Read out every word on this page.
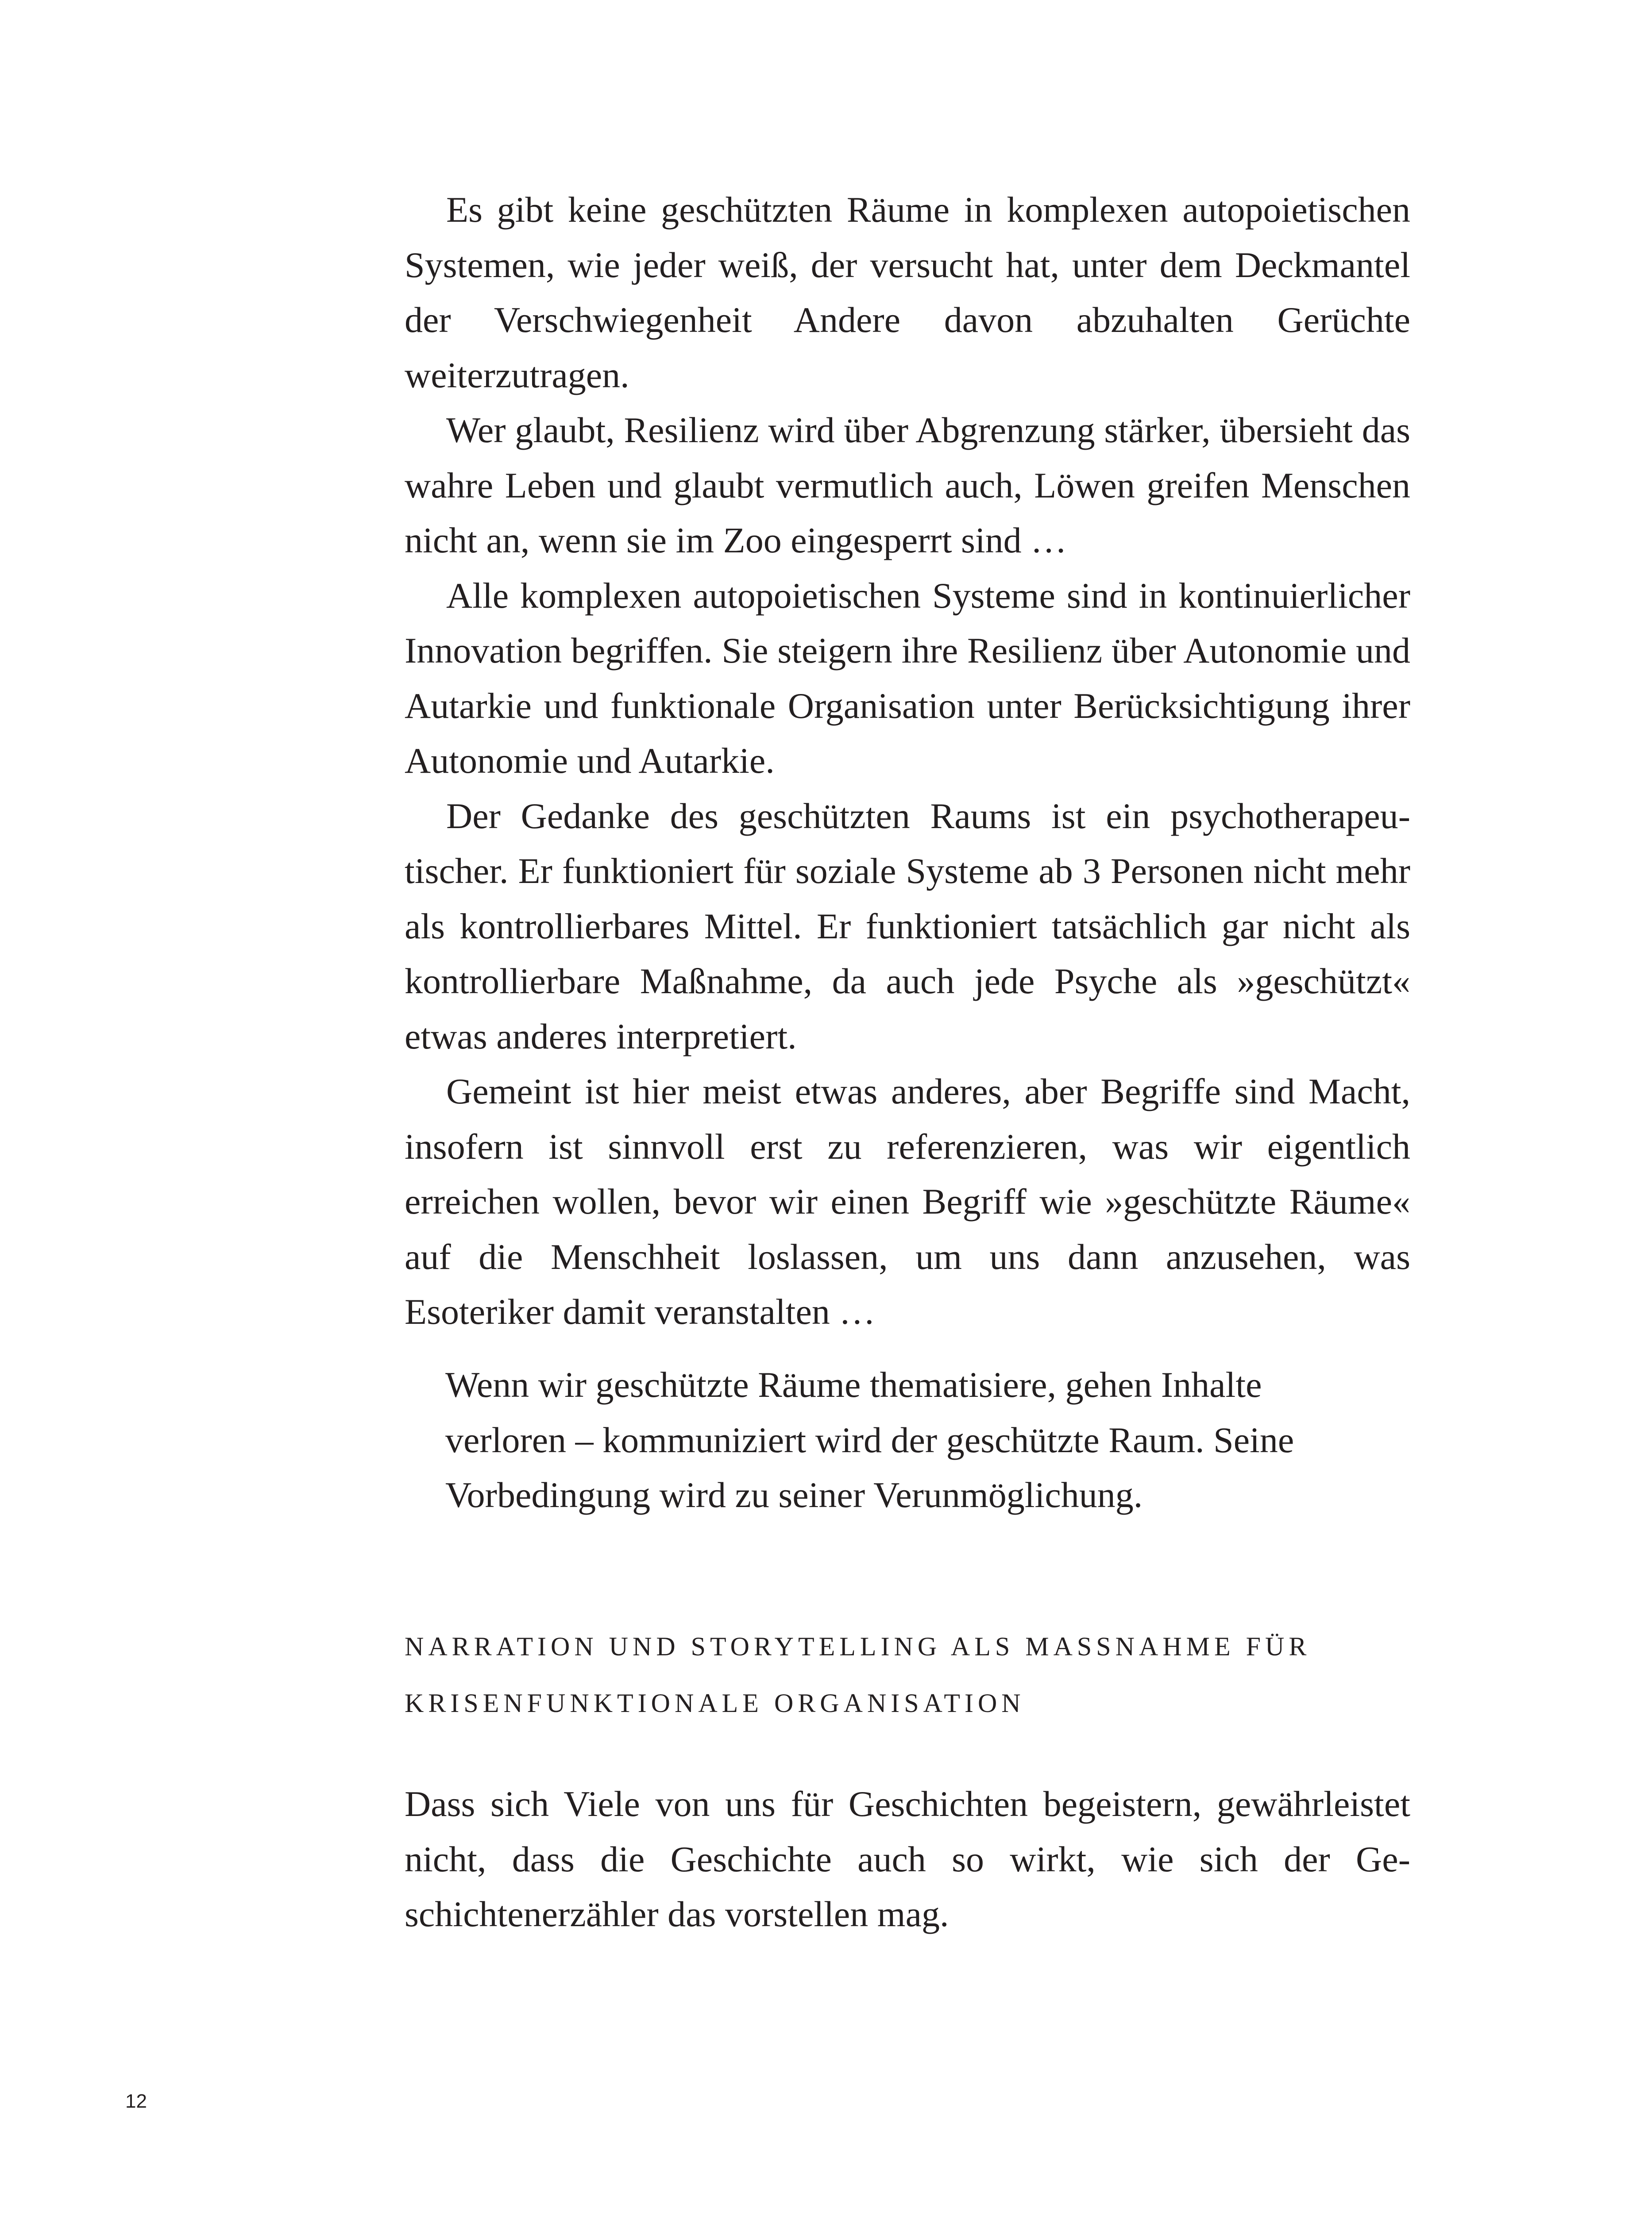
Es gibt keine geschützten Räume in komplexen autopoietischen Systemen, wie jeder weiß, der versucht hat, unter dem Deckmantel der Verschwiegenheit Andere davon abzuhalten Gerüchte weiterzutragen.

Wer glaubt, Resilienz wird über Abgrenzung stärker, übersieht das wahre Leben und glaubt vermutlich auch, Löwen greifen Menschen nicht an, wenn sie im Zoo eingesperrt sind …

Alle komplexen autopoietischen Systeme sind in kontinuierlicher Innovation begriffen. Sie steigern ihre Resilienz über Autonomie und Autarkie und funktionale Organisation unter Berücksichtigung ihrer Autonomie und Autarkie.

Der Gedanke des geschützten Raums ist ein psychotherapeutischer. Er funktioniert für soziale Systeme ab 3 Personen nicht mehr als kontrollierbares Mittel. Er funktioniert tatsächlich gar nicht als kontrollierbare Maßnahme, da auch jede Psyche als »geschützt« etwas anderes interpretiert.

Gemeint ist hier meist etwas anderes, aber Begriffe sind Macht, insofern ist sinnvoll erst zu referenzieren, was wir eigentlich erreichen wollen, bevor wir einen Begriff wie »geschützte Räume« auf die Menschheit loslassen, um uns dann anzusehen, was Esoteriker damit veranstalten …

Wenn wir geschützte Räume thematisiere, gehen Inhalte

verloren – kommuniziert wird der geschützte Raum. Seine

Vorbedingung wird zu seiner Verunmöglichung.

NARRATION UND STORYTELLING ALS MASSNAHME FÜR
KRISENFUNKTIONALE ORGANISATION

Dass sich Viele von uns für Geschichten begeistern, gewährleistet nicht, dass die Geschichte auch so wirkt, wie sich der Geschichtenerzähler das vorstellen mag.

12
